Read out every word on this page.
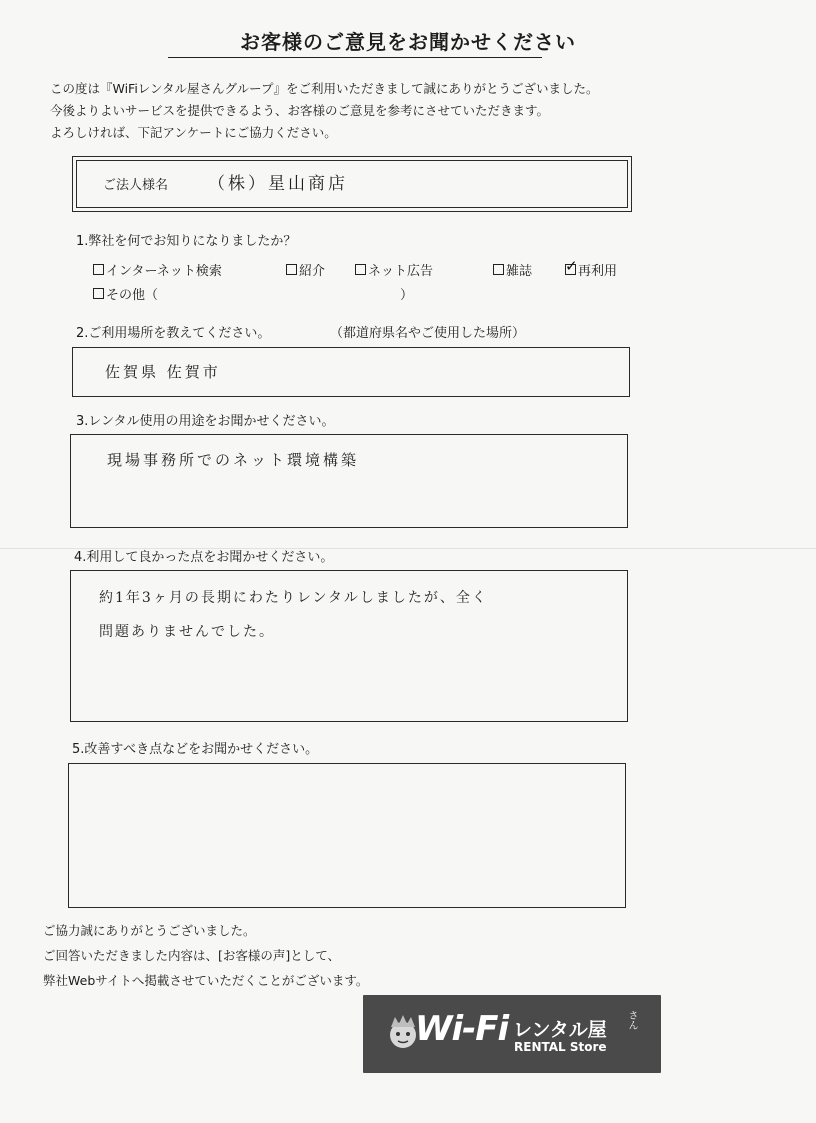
お客様のご意見をお聞かせください
この度は『WiFiレンタル屋さんグループ』をご利用いただきまして誠にありがとうございました。
今後よりよいサービスを提供できるよう、お客様のご意見を参考にさせていただきます。
よろしければ、下記アンケートにご協力ください。
ご法人様名 （株）星山商店
1.弊社を何でお知りになりましたか？
インターネット検索	紹介	ネット広告	雑誌 ✓ 再利用
その他（	）
2.ご利用場所を教えてください。	（都道府県名やご使用した場所）
佐賀県 佐賀市
3.レンタル使用の用途をお聞かせください。
現場事務所でのネット環境構築
4.利用して良かった点をお聞かせください。
約1年3ヶ月の長期にわたりレンタルしましたが、全く
問題ありませんでした。
5.改善すべき点などをお聞かせください。
ご協力誠にありがとうございました。
ご回答いただきました内容は、[お客様の声]として、
弊社Webサイトへ掲載させていただくことがございます。
Wi-Fi レンタル屋 さん
RENTAL Store
